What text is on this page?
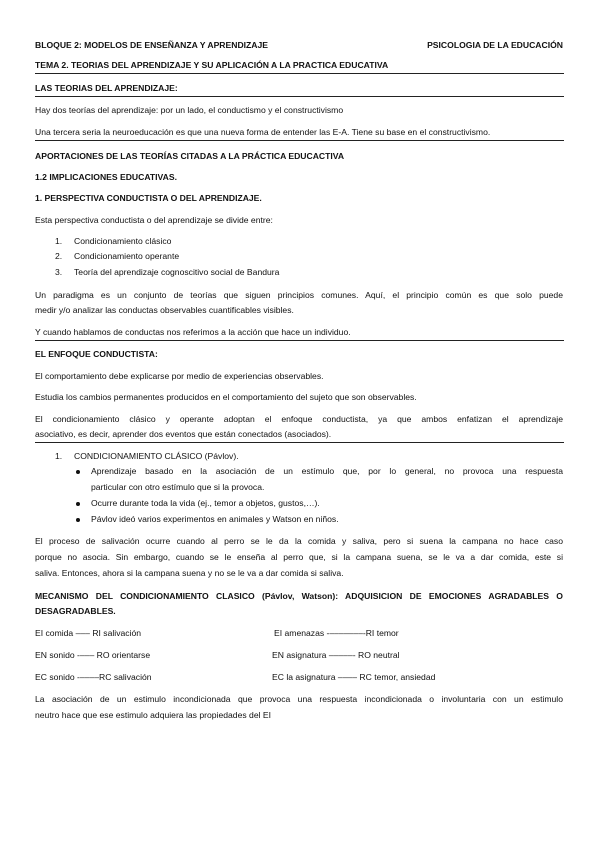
BLOQUE 2: MODELOS DE ENSEÑANZA Y APRENDIZAJE	PSICOLOGIA DE LA EDUCACIÓN
TEMA 2. TEORIAS DEL APRENDIZAJE Y SU APLICACIÓN A LA PRACTICA EDUCATIVA
LAS TEORIAS DEL APRENDIZAJE:
Hay dos teorías del aprendizaje: por un lado, el conductismo y el constructivismo
Una tercera seria la neuroeducación es que una nueva forma de entender las E-A. Tiene su base en el constructivismo.
APORTACIONES DE LAS TEORÍAS CITADAS A LA PRÁCTICA EDUCACTIVA
1.2 IMPLICACIONES EDUCATIVAS.
1. PERSPECTIVA CONDUCTISTA O DEL APRENDIZAJE.
Esta perspectiva conductista o del aprendizaje se divide entre:
1. Condicionamiento clásico
2. Condicionamiento operante
3. Teoría del aprendizaje cognoscitivo social de Bandura
Un paradigma es un conjunto de teorías que siguen principios comunes. Aquí, el principio común es que solo puede
medir y/o analizar las conductas observables cuantificables visibles.
Y cuando hablamos de conductas nos referimos a la acción que hace un individuo.
EL ENFOQUE CONDUCTISTA:
El comportamiento debe explicarse por medio de experiencias observables.
Estudia los cambios permanentes producidos en el comportamiento del sujeto que son observables.
El condicionamiento clásico y operante adoptan el enfoque conductista, ya que ambos enfatizan el aprendizaje
asociativo, es decir, aprender dos eventos que están conectados (asociados).
1. CONDICIONAMIENTO CLÁSICO (Pávlov).
Aprendizaje basado en la asociación de un estímulo que, por lo general, no provoca una respuesta
particular con otro estímulo que si la provoca.
Ocurre durante toda la vida (ej., temor a objetos, gustos,…).
Pávlov ideó varios experimentos en animales y Watson en niños.
El proceso de salivación ocurre cuando al perro se le da la comida y saliva, pero si suena la campana no hace caso
porque no asocia. Sin embargo, cuando se le enseña al perro que, si la campana suena, se le va a dar comida, este si
saliva. Entonces, ahora si la campana suena y no se le va a dar comida si saliva.
MECANISMO DEL CONDICIONAMIENTO CLASICO (Pávlov, Watson): ADQUISICION DE EMOCIONES AGRADABLES O
DESAGRADABLES.
EI comida ––– RI salivación	EI amenazas -–––––––-RI temor
EN sonido -––– RO orientarse	EN asignatura –––––- RO neutral
EC sonido -––––RC salivación	EC la asignatura –––– RC temor, ansiedad
La asociación de un estimulo incondicionada que provoca una respuesta incondicionada o involuntaria con un estimulo
neutro hace que ese estimulo adquiera las propiedades del EI
